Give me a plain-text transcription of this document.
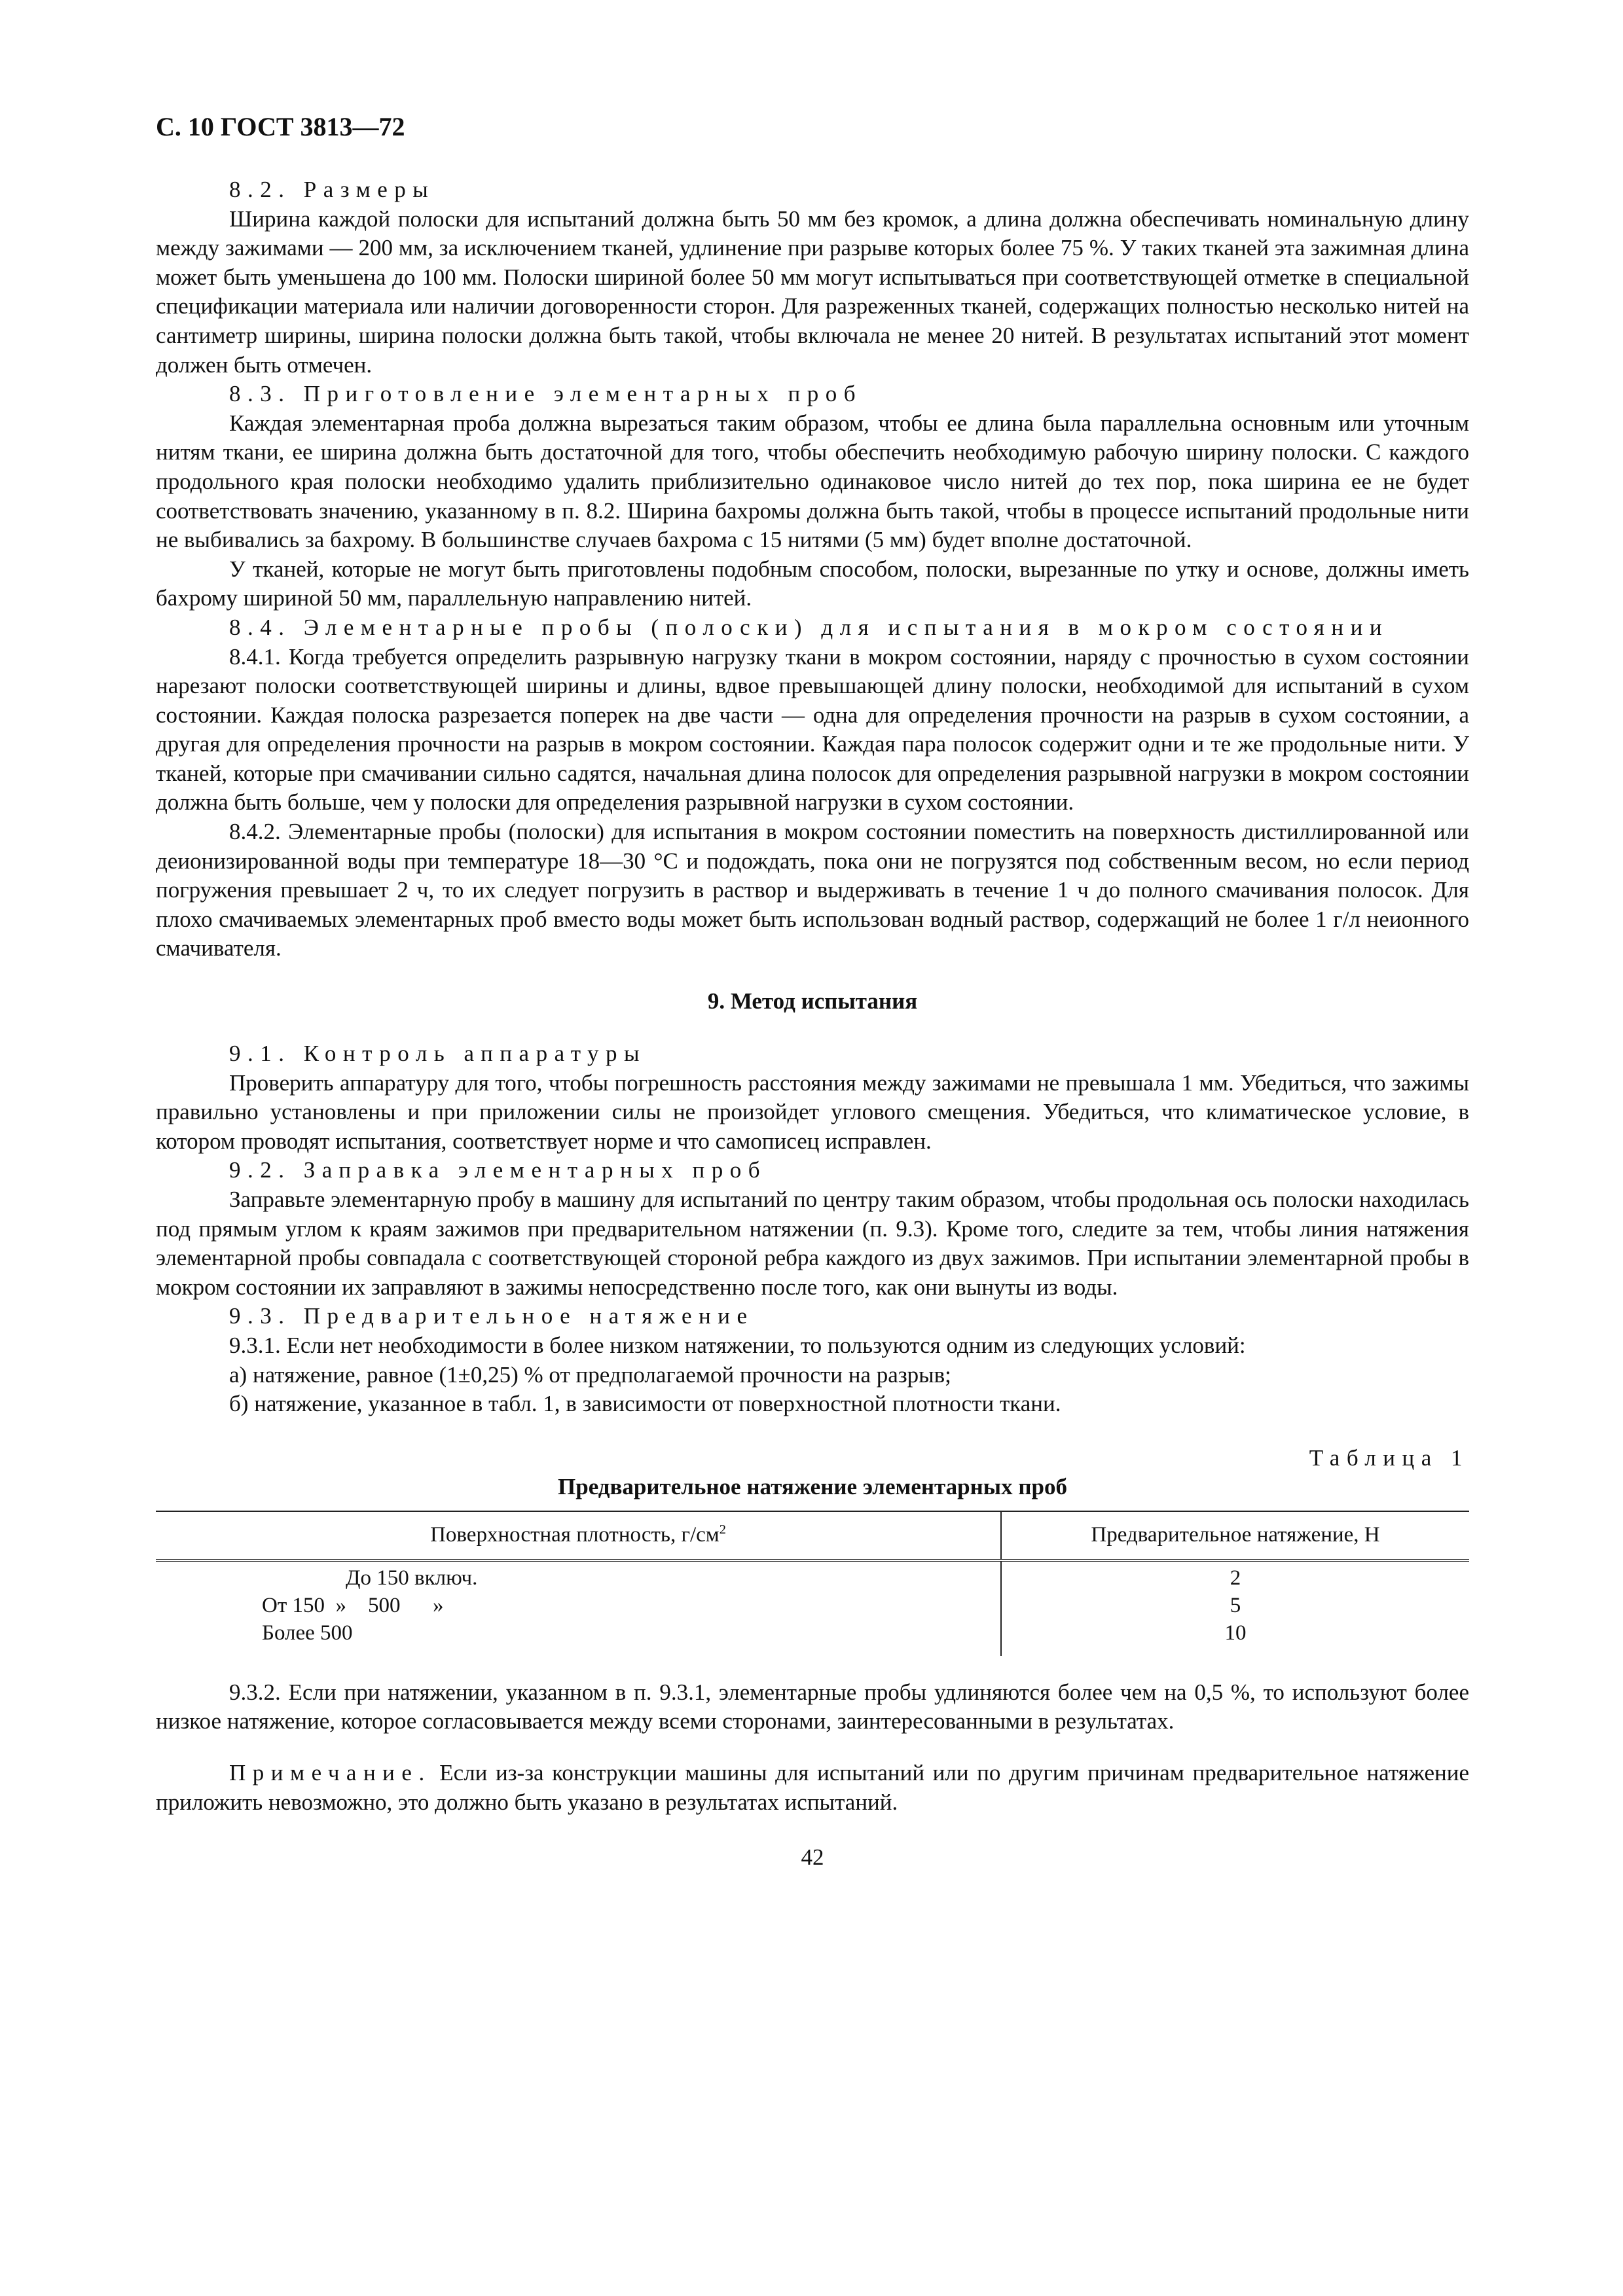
С. 10 ГОСТ 3813—72
8.2. Размеры

Ширина каждой полоски для испытаний должна быть 50 мм без кромок, а длина должна обеспечивать номинальную длину между зажимами — 200 мм, за исключением тканей, удлинение при разрыве которых более 75 %. У таких тканей эта зажимная длина может быть уменьшена до 100 мм. Полоски шириной более 50 мм могут испытываться при соответствующей отметке в специальной спецификации материала или наличии договоренности сторон. Для разреженных тканей, содержащих полностью несколько нитей на сантиметр ширины, ширина полоски должна быть такой, чтобы включала не менее 20 нитей. В результатах испытаний этот момент должен быть отмечен.

8.3. Приготовление элементарных проб

Каждая элементарная проба должна вырезаться таким образом, чтобы ее длина была параллельна основным или уточным нитям ткани, ее ширина должна быть достаточной для того, чтобы обеспечить необходимую рабочую ширину полоски. С каждого продольного края полоски необходимо удалить приблизительно одинаковое число нитей до тех пор, пока ширина ее не будет соответствовать значению, указанному в п. 8.2. Ширина бахромы должна быть такой, чтобы в процессе испытаний продольные нити не выбивались за бахрому. В большинстве случаев бахрома с 15 нитями (5 мм) будет вполне достаточной.

У тканей, которые не могут быть приготовлены подобным способом, полоски, вырезанные по утку и основе, должны иметь бахрому шириной 50 мм, параллельную направлению нитей.

8.4. Элементарные пробы (полоски) для испытания в мокром состоянии

8.4.1. Когда требуется определить разрывную нагрузку ткани в мокром состоянии, наряду с прочностью в сухом состоянии нарезают полоски соответствующей ширины и длины, вдвое превышающей длину полоски, необходимой для испытаний в сухом состоянии. Каждая полоска разрезается поперек на две части — одна для определения прочности на разрыв в сухом состоянии, а другая для определения прочности на разрыв в мокром состоянии. Каждая пара полосок содержит одни и те же продольные нити. У тканей, которые при смачивании сильно садятся, начальная длина полосок для определения разрывной нагрузки в мокром состоянии должна быть больше, чем у полоски для определения разрывной нагрузки в сухом состоянии.

8.4.2. Элементарные пробы (полоски) для испытания в мокром состоянии поместить на поверхность дистиллированной или деионизированной воды при температуре 18—30 °С и подождать, пока они не погрузятся под собственным весом, но если период погружения превышает 2 ч, то их следует погрузить в раствор и выдерживать в течение 1 ч до полного смачивания полосок. Для плохо смачиваемых элементарных проб вместо воды может быть использован водный раствор, содержащий не более 1 г/л неионного смачивателя.

9. Метод испытания
9.1. Контроль аппаратуры

Проверить аппаратуру для того, чтобы погрешность расстояния между зажимами не превышала 1 мм. Убедиться, что зажимы правильно установлены и при приложении силы не произойдет углового смещения. Убедиться, что климатическое условие, в котором проводят испытания, соответствует норме и что самописец исправлен.

9.2. Заправка элементарных проб

Заправьте элементарную пробу в машину для испытаний по центру таким образом, чтобы продольная ось полоски находилась под прямым углом к краям зажимов при предварительном натяжении (п. 9.3). Кроме того, следите за тем, чтобы линия натяжения элементарной пробы совпадала с соответствующей стороной ребра каждого из двух зажимов. При испытании элементарной пробы в мокром состоянии их заправляют в зажимы непосредственно после того, как они вынуты из воды.

9.3. Предварительное натяжение

9.3.1. Если нет необходимости в более низком натяжении, то пользуются одним из следующих условий:

а) натяжение, равное (1±0,25) % от предполагаемой прочности на разрыв;

б) натяжение, указанное в табл. 1, в зависимости от поверхностной плотности ткани.

Таблица 1
Предварительное натяжение элементарных проб
Поверхностная плотность, $г/см^2$	Предварительное натяжение, Н
До 150 включ.	2
От 150  »    500      »	5
Более 500	10

9.3.2. Если при натяжении, указанном в п. 9.3.1, элементарные пробы удлиняются более чем на 0,5 %, то используют более низкое натяжение, которое согласовывается между всеми сторонами, заинтересованными в результатах.

Примечание. Если из-за конструкции машины для испытаний или по другим причинам предварительное натяжение приложить невозможно, это должно быть указано в результатах испытаний.

42
